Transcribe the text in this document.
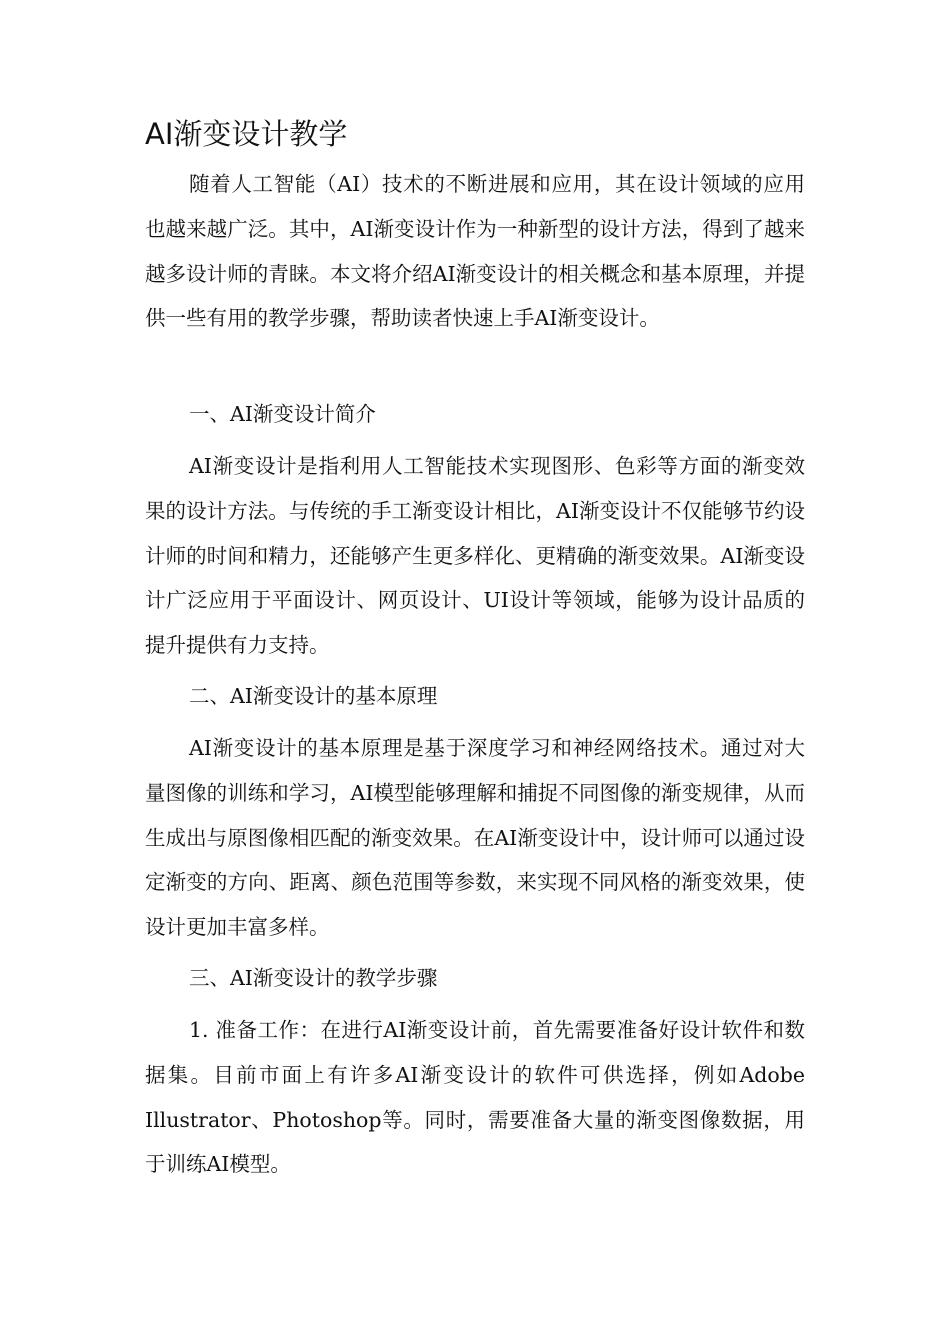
AI渐变设计教学

随着人工智能（AI）技术的不断进展和应用，其在设计领域的应用也越来越广泛。其中，AI渐变设计作为一种新型的设计方法，得到了越来越多设计师的青睐。本文将介绍AI渐变设计的相关概念和基本原理，并提供一些有用的教学步骤，帮助读者快速上手AI渐变设计。

一、AI渐变设计简介

AI渐变设计是指利用人工智能技术实现图形、色彩等方面的渐变效果的设计方法。与传统的手工渐变设计相比，AI渐变设计不仅能够节约设计师的时间和精力，还能够产生更多样化、更精确的渐变效果。AI渐变设计广泛应用于平面设计、网页设计、UI设计等领域，能够为设计品质的提升提供有力支持。

二、AI渐变设计的基本原理

AI渐变设计的基本原理是基于深度学习和神经网络技术。通过对大量图像的训练和学习，AI模型能够理解和捕捉不同图像的渐变规律，从而生成出与原图像相匹配的渐变效果。在AI渐变设计中，设计师可以通过设定渐变的方向、距离、颜色范围等参数，来实现不同风格的渐变效果，使设计更加丰富多样。

三、AI渐变设计的教学步骤

1. 准备工作：在进行AI渐变设计前，首先需要准备好设计软件和数据集。目前市面上有许多AI渐变设计的软件可供选择，例如Adobe Illustrator、Photoshop等。同时，需要准备大量的渐变图像数据，用于训练AI模型。
